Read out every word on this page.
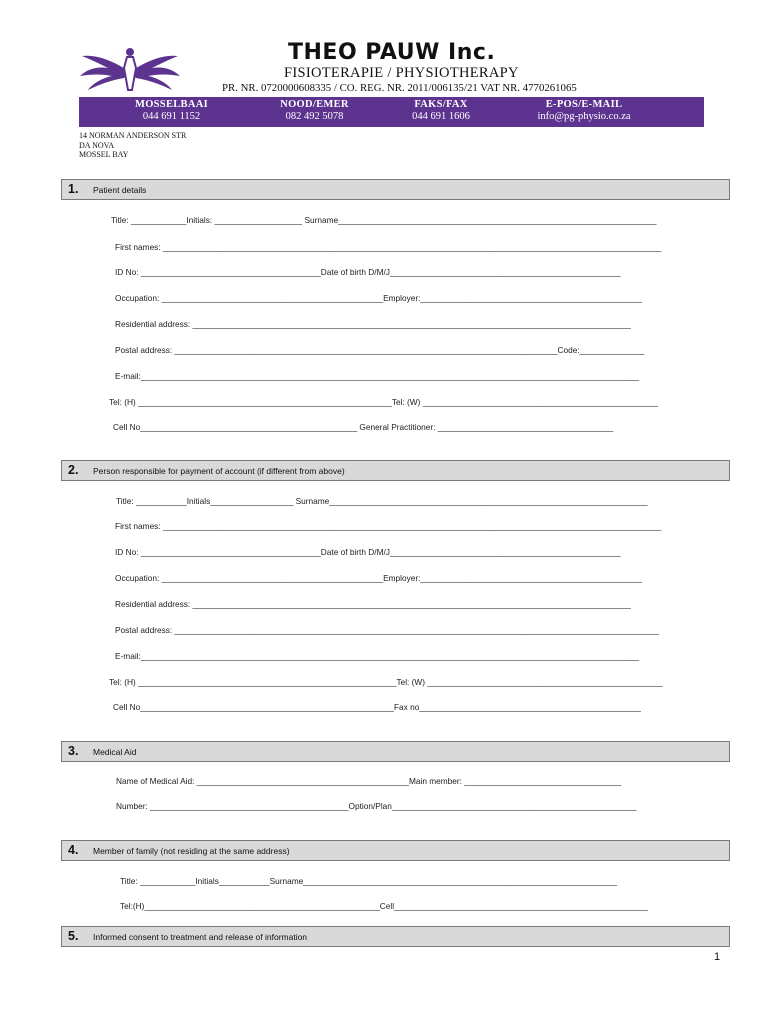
THEO PAUW Inc.
FISIOTERAPIE / PHYSIOTHERAPY
PR. NR. 0720000608335 / CO. REG. NR. 2011/006135/21 VAT NR. 4770261065
MOSSELBAAI
044 691 1152
NOOD/EMER
082 492 5078
FAKS/FAX
044 691 1606
E-POS/E-MAIL
info@pg-physio.co.za
14 NORMAN ANDERSON STR
DA NOVA
MOSSEL BAY
1. Patient details
Title: ____________Initials: ___________________ Surname_____________________________________________________________________
First names: ____________________________________________________________________________________________________________
ID No: _______________________________________Date of birth D/M/J__________________________________________________
Occupation: ________________________________________________Employer:________________________________________________
Residential address: _______________________________________________________________________________________________
Postal address: ___________________________________________________________________________________Code:______________
E-mail:____________________________________________________________________________________________________________
Tel: (H) _______________________________________________________Tel: (W) ___________________________________________________
Cell No_______________________________________________ General Practitioner: ______________________________________
2. Person responsible for payment of account (if different from above)
Title: ___________Initials__________________ Surname_____________________________________________________________________
First names: ____________________________________________________________________________________________________________
ID No: _______________________________________Date of birth D/M/J__________________________________________________
Occupation: ________________________________________________Employer:________________________________________________
Residential address: _______________________________________________________________________________________________
Postal address: _________________________________________________________________________________________________________
E-mail:____________________________________________________________________________________________________________
Tel: (H) ________________________________________________________Tel: (W) ___________________________________________________
Cell No_______________________________________________________Fax no________________________________________________
3. Medical Aid
Name of Medical Aid: ______________________________________________Main member: __________________________________
Number: ___________________________________________Option/Plan_____________________________________________________
4. Member of family (not residing at the same address)
Title: ____________Initials___________Surname____________________________________________________________________
Tel:(H)___________________________________________________Cell_______________________________________________________
5. Informed consent to treatment and release of information
1
